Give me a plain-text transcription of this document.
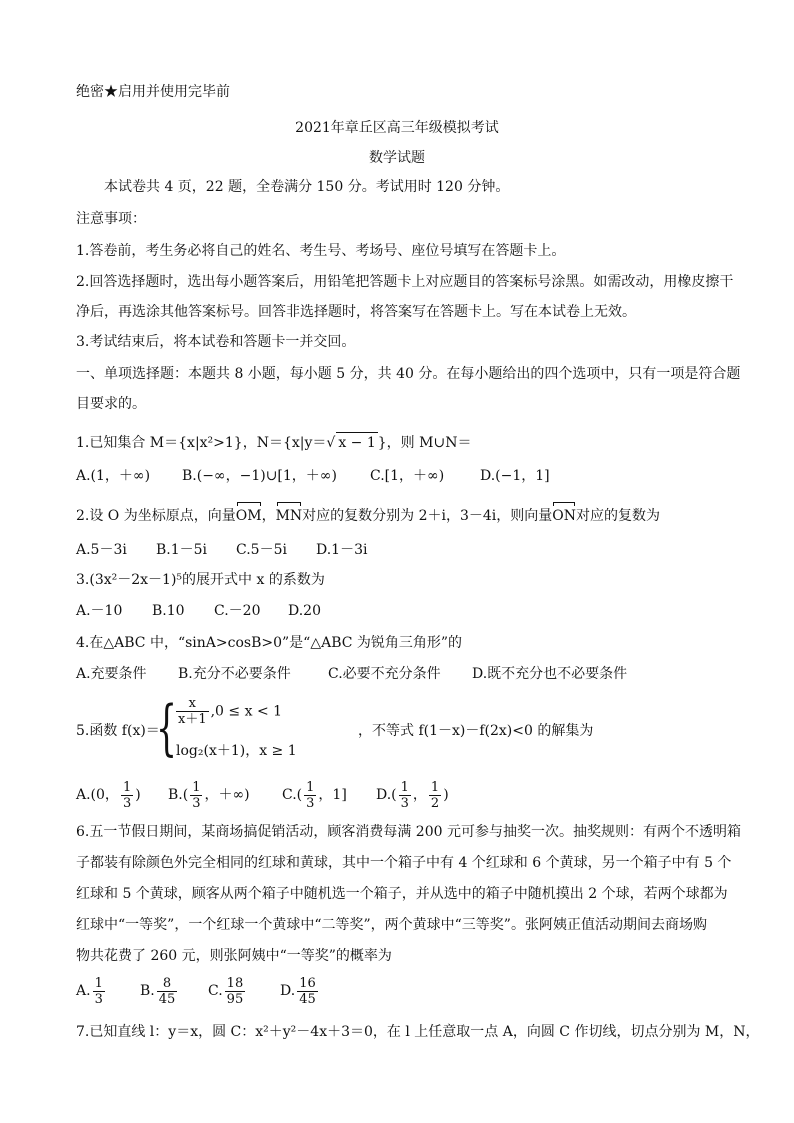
绝密★启用并使用完毕前
2021年章丘区高三年级模拟考试
数学试题
本试卷共 4 页，22 题，全卷满分 150 分。考试用时 120 分钟。
注意事项：
1.答卷前，考生务必将自己的姓名、考生号、考场号、座位号填写在答题卡上。
2.回答选择题时，选出每小题答案后，用铅笔把答题卡上对应题目的答案标号涂黑。如需改动，用橡皮擦干
净后，再选涂其他答案标号。回答非选择题时，将答案写在答题卡上。写在本试卷上无效。
3.考试结束后，将本试卷和答题卡一并交回。
一、单项选择题：本题共 8 小题，每小题 5 分，共 40 分。在每小题给出的四个选项中，只有一项是符合题
目要求的。
1.已知集合 M＝{x|x²>1}，N＝{x|y＝√ x − 1 }，则 M∪N＝
A.(1，＋∞) B.(−∞，−1)∪[1，＋∞) C.[1，＋∞)	D.(−1，1]
2.设 O 为坐标原点，向量OM，MN对应的复数分别为 2＋i，3－4i，则向量ON对应的复数为
A.5－3i B.1－5i C.5－5i D.1－3i
3.(3x²－2x－1)⁵的展开式中 x 的系数为
A.－10 B.10 C.－20 D.20
4.在△ABC 中，“sinA>cosB>0”是“△ABC 为锐角三角形”的
A.充要条件 B.充分不必要条件	C.必要不充分条件 D.既不充分也不必要条件
5.函数 f(x)＝
{
$\frac{x}{x+1} ,0 \le x < 1$
log₂(x＋1)，x ≥ 1
，不等式 f(1－x)－f(2x)<0 的解集为
A.(0， $\frac{1}{3}$ ) $B.( \frac{1}{3}$ ，＋∞) $C.( \frac{1}{3}$ ，1] $D.( \frac{1}{3}$ ， $\frac{1}{2}$ )
6.五一节假日期间，某商场搞促销活动，顾客消费每满 200 元可参与抽奖一次。抽奖规则：有两个不透明箱
子都装有除颜色外完全相同的红球和黄球，其中一个箱子中有 4 个红球和 6 个黄球，另一个箱子中有 5 个
红球和 5 个黄球，顾客从两个箱子中随机选一个箱子，并从选中的箱子中随机摸出 2 个球，若两个球都为
红球中“一等奖”，一个红球一个黄球中“二等奖”，两个黄球中“三等奖”。张阿姨正值活动期间去商场购
物共花费了 260 元，则张阿姨中“一等奖”的概率为
A. $\frac{1}{3}$	B. $\frac{8}{45} C$. $\frac{18}{95} D$. $\frac{16}{45}$
7.已知直线 l：y＝x，圆 C：x²＋y²－4x＋3＝0，在 l 上任意取一点 A，向圆 C 作切线，切点分别为 M，N，
